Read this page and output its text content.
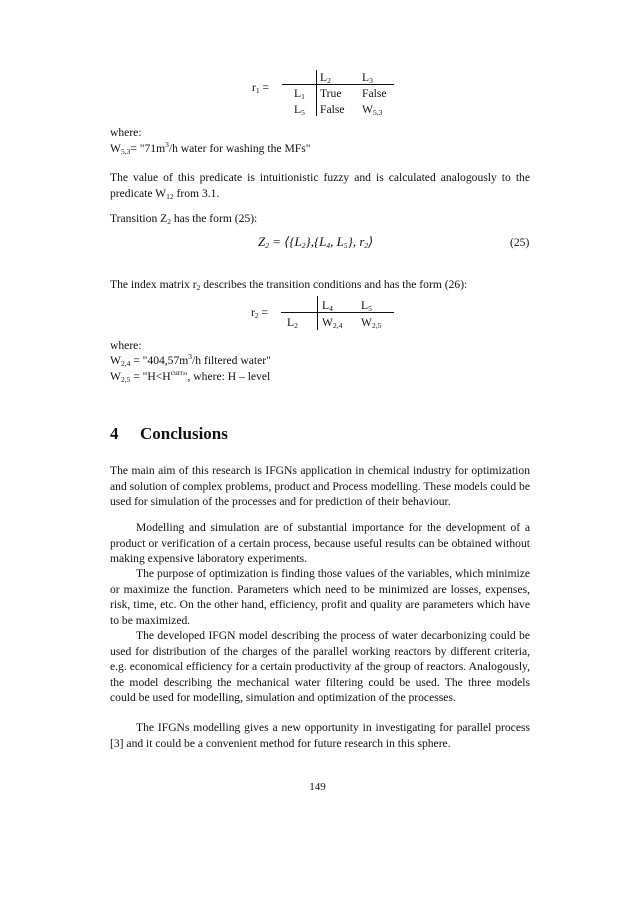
$r_1$ =
$L_2$	$L_3$
$L_1$ True False
$L_5$ False $W_{5,3}$
where:
$W_{5,3}=$ "$71m^3/h$ water for washing the MFs"
The value of this predicate is intuitionistic fuzzy and is calculated analogously to the predicate $W_{12}$ from 3.1.
Transition $Z_2$ has the form (25):
$Z_2$ = $⟨\{L_2\},\{L_4$, $L_5$}, $r_2⟩$	(25)
The index matrix $r_2$ describes the transition conditions and has the form (26):
$r_2$ =
$L_4$ $L_5$
$L_2$ $W_{2,4}$ $W_{2,5}$
where:
$W_{2,4}$ = "$404,57m^3/h$ filtered water"
$W_{2,5}$ = "$H<H^{curr}$", where: H – level
4 Conclusions
The main aim of this research is IFGNs application in chemical industry for optimization and solution of complex problems, product and Process modelling. These models could be used for simulation of the processes and for prediction of their behaviour.
Modelling and simulation are of substantial importance for the development of a product or verification of a certain process, because useful results can be obtained without making expensive laboratory experiments.
The purpose of optimization is finding those values of the variables, which minimize or maximize the function. Parameters which need to be minimized are losses, expenses, risk, time, etc. On the other hand, efficiency, profit and quality are parameters which have to be maximized.
The developed IFGN model describing the process of water decarbonizing could be used for distribution of the charges of the parallel working reactors by different criteria, e.g. economical efficiency for a certain productivity af the group of reactors. Analogously, the model describing the mechanical water filtering could be used. The three models could be used for modelling, simulation and optimization of the processes.
The IFGNs modelling gives a new opportunity in investigating for parallel process [3] and it could be a convenient method for future research in this sphere.
149
